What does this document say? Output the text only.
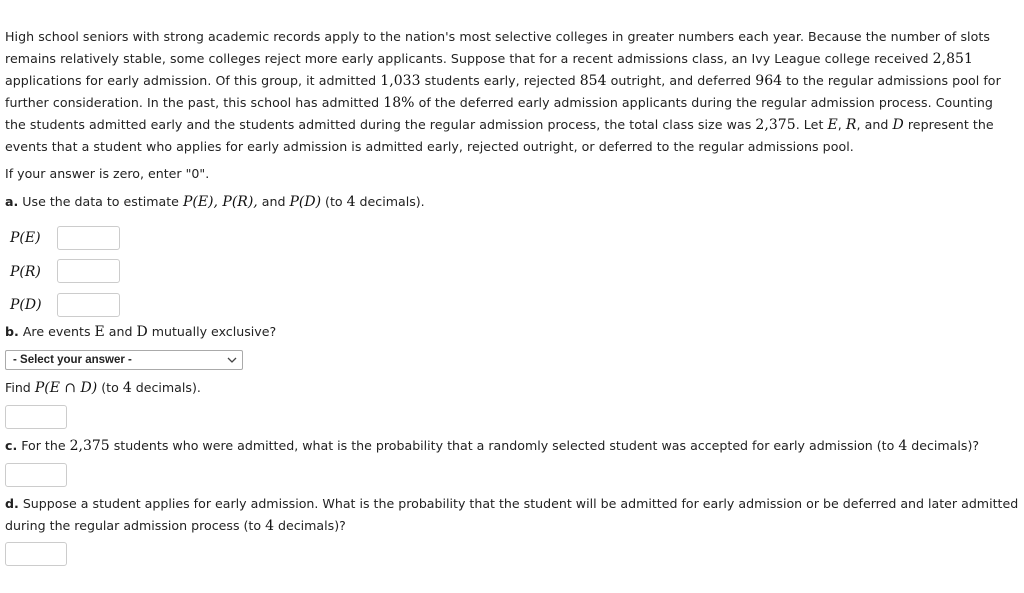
High school seniors with strong academic records apply to the nation's most selective colleges in greater numbers each year. Because the number of slots remains relatively stable, some colleges reject more early applicants. Suppose that for a recent admissions class, an Ivy League college received 2,851 applications for early admission. Of this group, it admitted 1,033 students early, rejected 854 outright, and deferred 964 to the regular admissions pool for further consideration. In the past, this school has admitted 18% of the deferred early admission applicants during the regular admission process. Counting the students admitted early and the students admitted during the regular admission process, the total class size was 2,375. Let E, R, and D represent the events that a student who applies for early admission is admitted early, rejected outright, or deferred to the regular admissions pool.

If your answer is zero, enter "0".

a. Use the data to estimate P(E), P(R), and P(D) (to 4 decimals).

P(E)
P(R)
P(D)

b. Are events E and D mutually exclusive?

- Select your answer -

Find P(E ∩ D) (to 4 decimals).

c. For the 2,375 students who were admitted, what is the probability that a randomly selected student was accepted for early admission (to 4 decimals)?

d. Suppose a student applies for early admission. What is the probability that the student will be admitted for early admission or be deferred and later admitted

during the regular admission process (to 4 decimals)?
